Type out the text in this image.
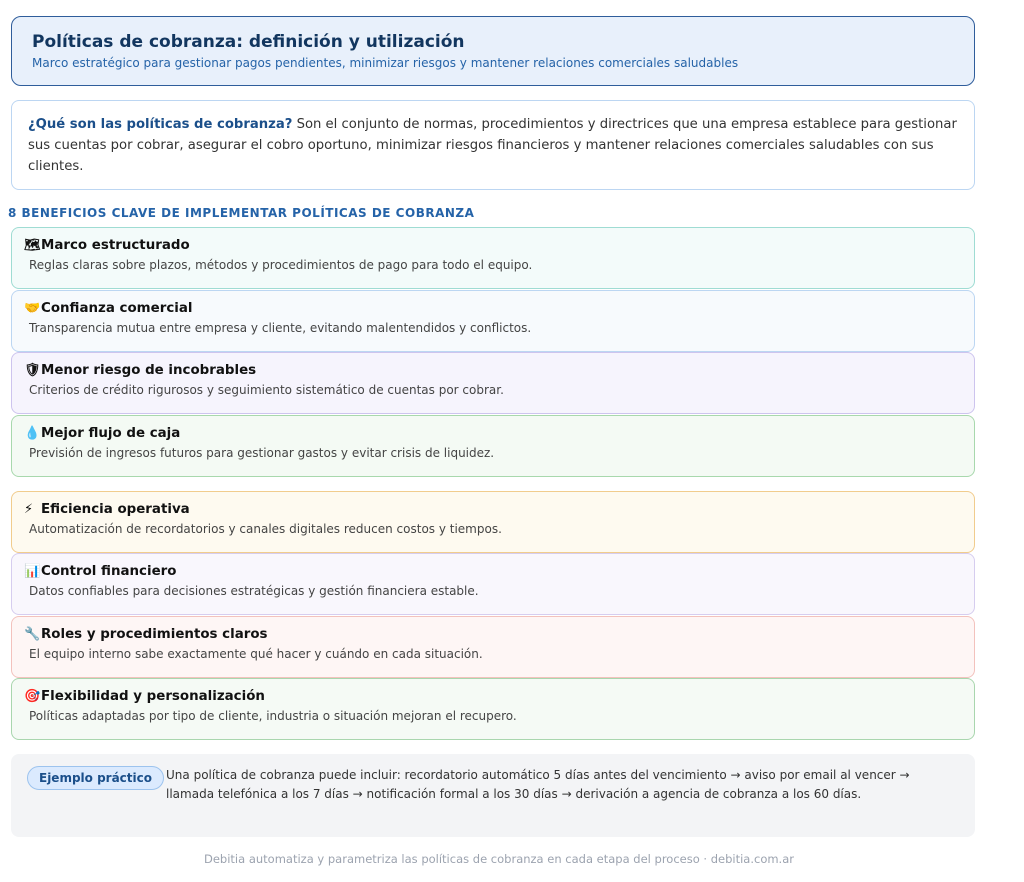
Políticas de cobranza: definición y utilización
Marco estratégico para gestionar pagos pendientes, minimizar riesgos y mantener relaciones comerciales saludables
¿Qué son las políticas de cobranza? Son el conjunto de normas, procedimientos y directrices que una empresa establece para gestionar sus cuentas por cobrar, asegurar el cobro oportuno, minimizar riesgos financieros y mantener relaciones comerciales saludables con sus clientes.
8 BENEFICIOS CLAVE DE IMPLEMENTAR POLÍTICAS DE COBRANZA
🗺 Marco estructurado
Reglas claras sobre plazos, métodos y procedimientos de pago para todo el equipo.
🤝 Confianza comercial
Transparencia mutua entre empresa y cliente, evitando malentendidos y conflictos.
🛡 Menor riesgo de incobrables
Criterios de crédito rigurosos y seguimiento sistemático de cuentas por cobrar.
💧 Mejor flujo de caja
Previsión de ingresos futuros para gestionar gastos y evitar crisis de liquidez.
⚡ Eficiencia operativa
Automatización de recordatorios y canales digitales reducen costos y tiempos.
📊 Control financiero
Datos confiables para decisiones estratégicas y gestión financiera estable.
🔧 Roles y procedimientos claros
El equipo interno sabe exactamente qué hacer y cuándo en cada situación.
🎯 Flexibilidad y personalización
Políticas adaptadas por tipo de cliente, industria o situación mejoran el recupero.
Ejemplo práctico	Una política de cobranza puede incluir: recordatorio automático 5 días antes del vencimiento → aviso por email al vencer → llamada telefónica a los 7 días → notificación formal a los 30 días → derivación a agencia de cobranza a los 60 días.
Debitia automatiza y parametriza las políticas de cobranza en cada etapa del proceso · debitia.com.ar
